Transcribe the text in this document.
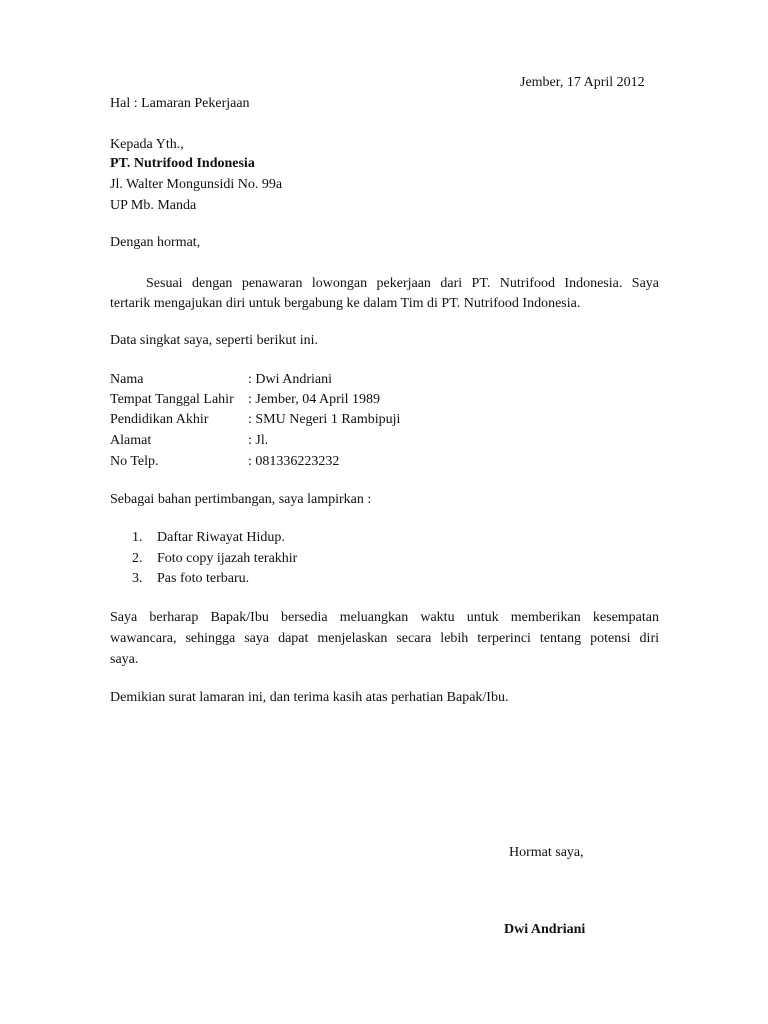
Jember, 17 April 2012
Hal : Lamaran Pekerjaan
Kepada Yth.,
PT. Nutrifood Indonesia
Jl. Walter Mongunsidi No. 99a
UP Mb. Manda
Dengan hormat,
Sesuai dengan penawaran lowongan pekerjaan dari PT. Nutrifood Indonesia. Saya
tertarik mengajukan diri untuk bergabung ke dalam Tim di PT. Nutrifood Indonesia.
Data singkat saya, seperti berikut ini.
Nama	: Dwi Andriani
Tempat Tanggal Lahir : Jember, 04 April 1989
Pendidikan Akhir	: SMU Negeri 1 Rambipuji
Alamat	: Jl.
No Telp.	: 081336223232
Sebagai bahan pertimbangan, saya lampirkan :
1. Daftar Riwayat Hidup.
2. Foto copy ijazah terakhir
3. Pas foto terbaru.
Saya berharap Bapak/Ibu bersedia meluangkan waktu untuk memberikan kesempatan
wawancara, sehingga saya dapat menjelaskan secara lebih terperinci tentang potensi diri
saya.
Demikian surat lamaran ini, dan terima kasih atas perhatian Bapak/Ibu.
Hormat saya,
Dwi Andriani
